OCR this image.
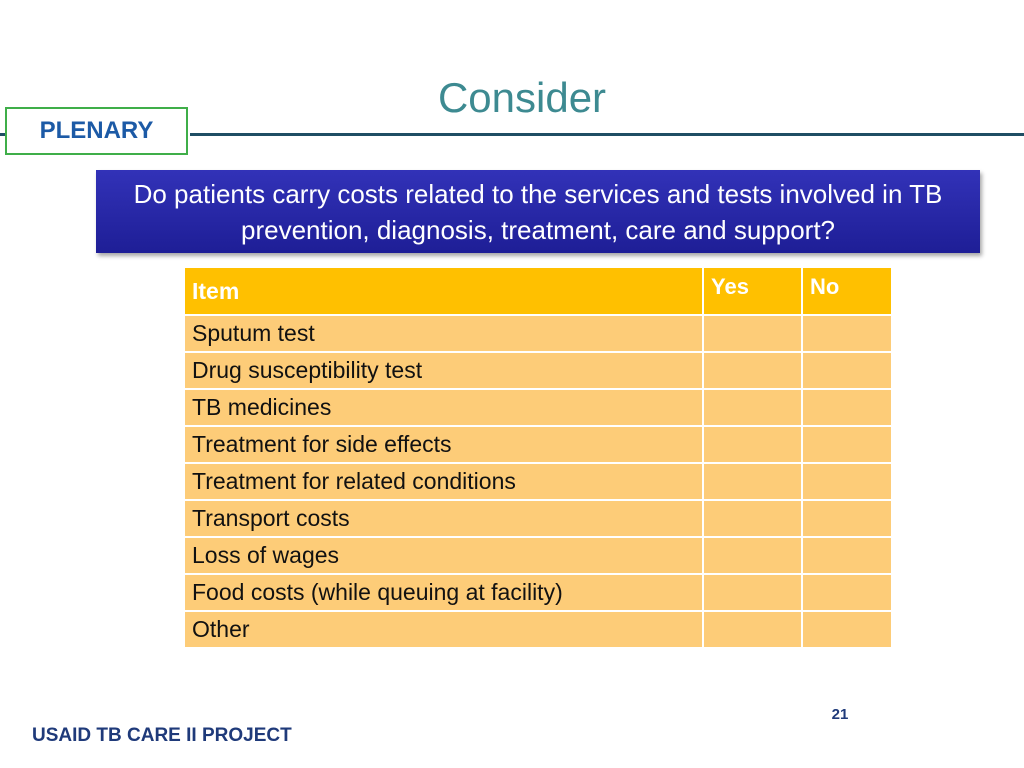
Consider
PLENARY
Do patients carry costs related to the services and tests involved in TB prevention, diagnosis, treatment, care and support?
Item	Yes	No
Sputum test		
Drug susceptibility test		
TB medicines		
Treatment for side effects		
Treatment for related conditions		
Transport costs		
Loss of wages		
Food costs (while queuing at facility)		
Other		
21
USAID TB CARE II PROJECT
